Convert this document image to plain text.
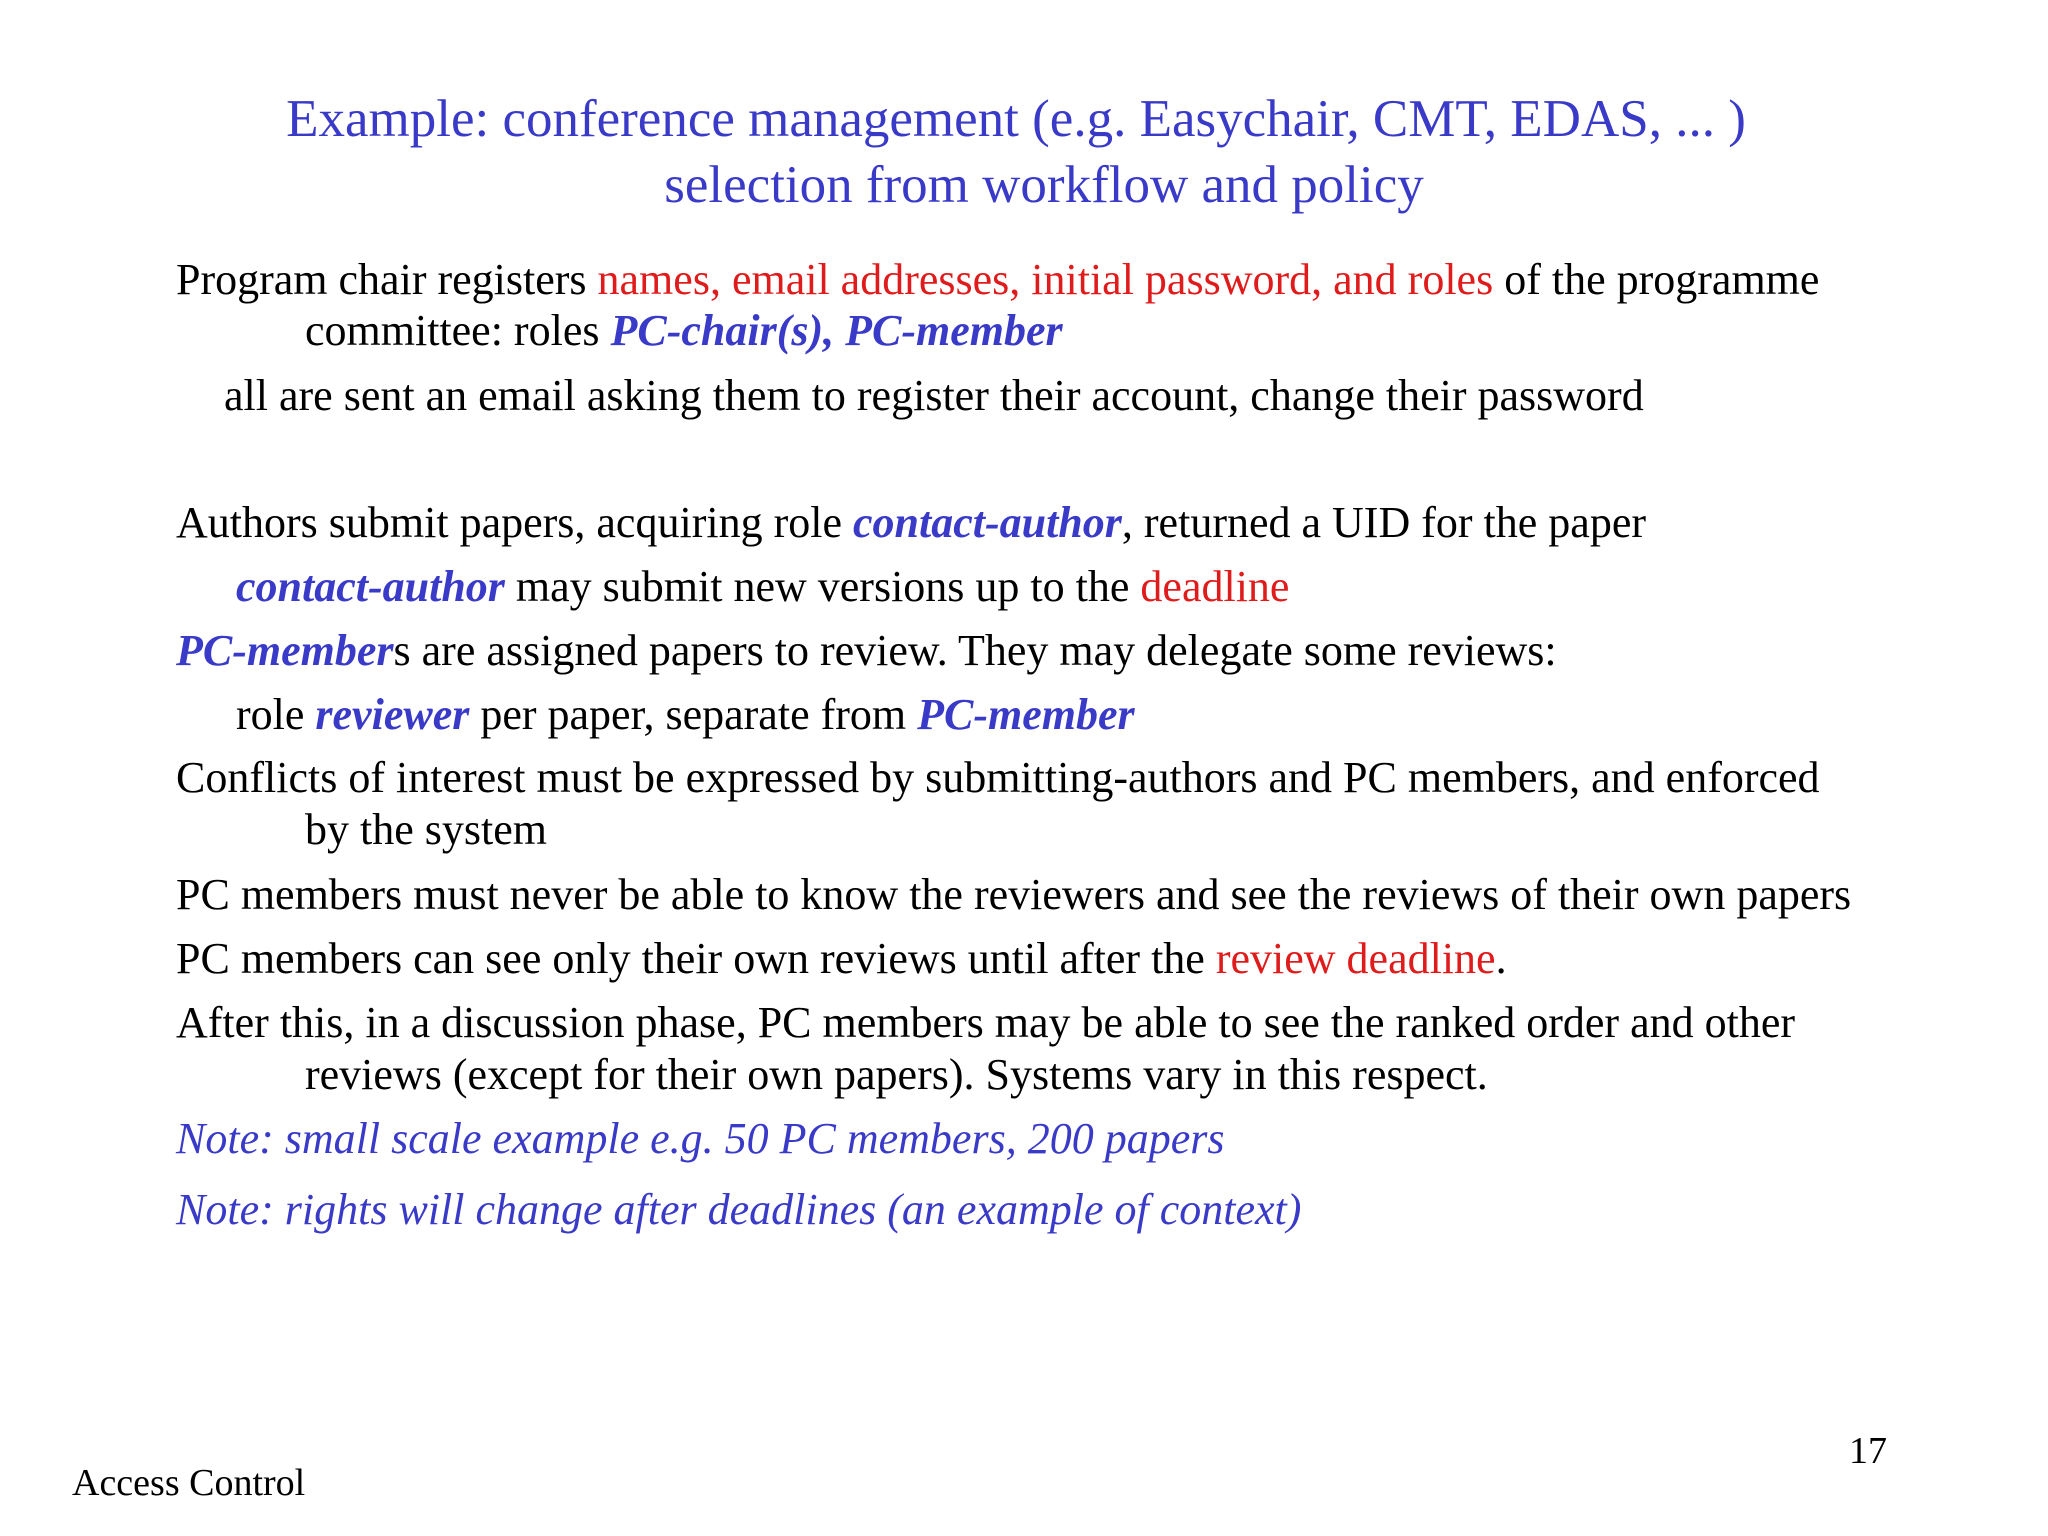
Example: conference management (e.g. Easychair, CMT, EDAS, ... )
selection from workflow and policy
Program chair registers names, email addresses, initial password, and roles of the programme
committee: roles PC-chair(s), PC-member
all are sent an email asking them to register their account, change their password
Authors submit papers, acquiring role contact-author, returned a UID for the paper
contact-author may submit new versions up to the deadline
PC-members are assigned papers to review. They may delegate some reviews:
role reviewer per paper, separate from PC-member
Conflicts of interest must be expressed by submitting-authors and PC members, and enforced
by the system
PC members must never be able to know the reviewers and see the reviews of their own papers
PC members can see only their own reviews until after the review deadline.
After this, in a discussion phase, PC members may be able to see the ranked order and other
reviews (except for their own papers). Systems vary in this respect.
Note: small scale example e.g. 50 PC members, 200 papers
Note: rights will change after deadlines (an example of context)
17
Access Control
